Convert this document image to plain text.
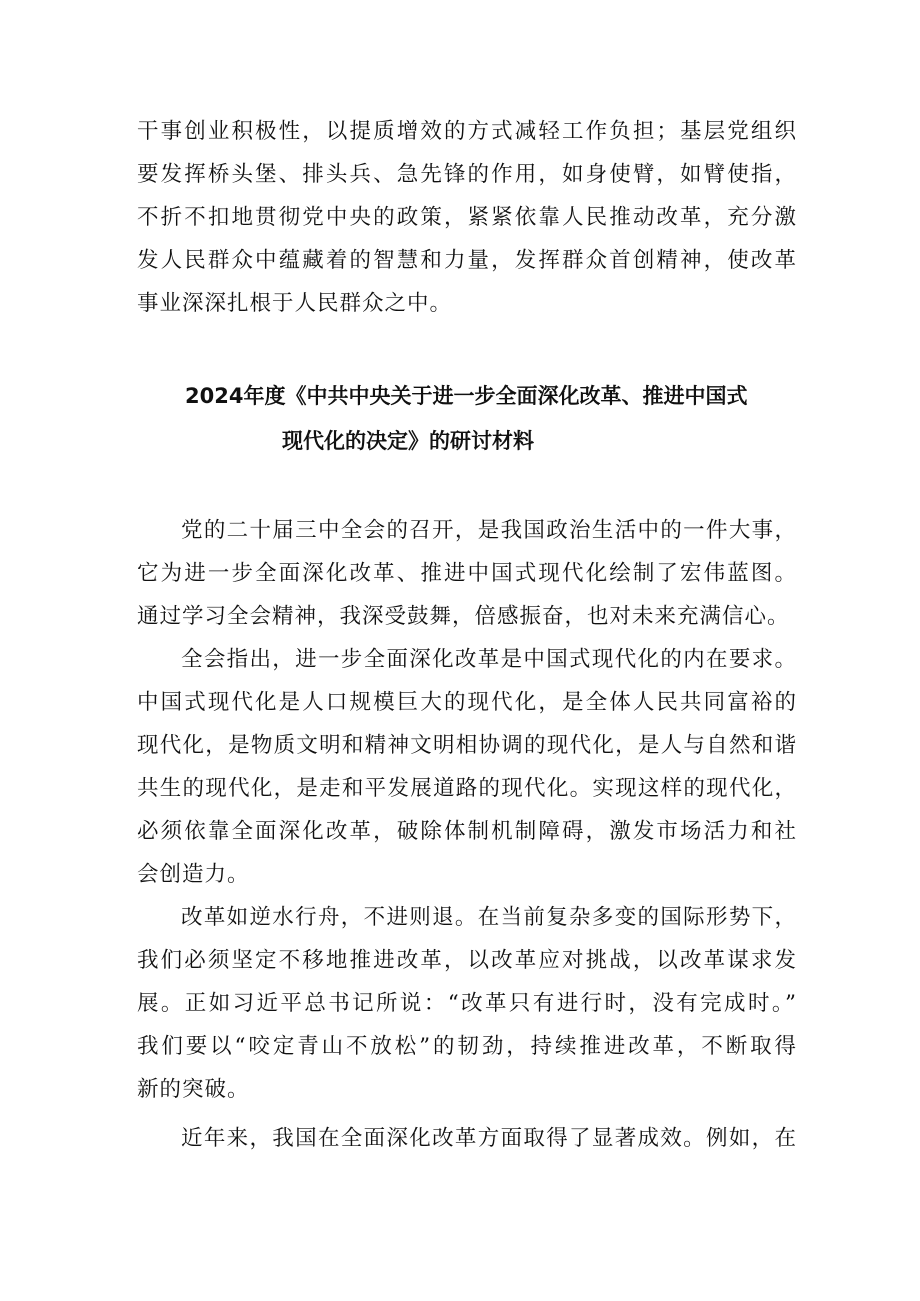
干事创业积极性，以提质增效的方式减轻工作负担；基层党组织
要发挥桥头堡、排头兵、急先锋的作用，如身使臂，如臂使指，
不折不扣地贯彻党中央的政策，紧紧依靠人民推动改革，充分激
发人民群众中蕴藏着的智慧和力量，发挥群众首创精神，使改革
事业深深扎根于人民群众之中。
2024年度《中共中央关于进一步全面深化改革、推进中国式
现代化的决定》的研讨材料
党的二十届三中全会的召开，是我国政治生活中的一件大事，
它为进一步全面深化改革、推进中国式现代化绘制了宏伟蓝图。
通过学习全会精神，我深受鼓舞，倍感振奋，也对未来充满信心。
全会指出，进一步全面深化改革是中国式现代化的内在要求。
中国式现代化是人口规模巨大的现代化，是全体人民共同富裕的
现代化，是物质文明和精神文明相协调的现代化，是人与自然和谐
共生的现代化，是走和平发展道路的现代化。实现这样的现代化，
必须依靠全面深化改革，破除体制机制障碍，激发市场活力和社
会创造力。
改革如逆水行舟，不进则退。在当前复杂多变的国际形势下，
我们必须坚定不移地推进改革，以改革应对挑战，以改革谋求发
展。正如习近平总书记所说：“改革只有进行时，没有完成时。”
我们要以“咬定青山不放松”的韧劲，持续推进改革，不断取得
新的突破。
近年来，我国在全面深化改革方面取得了显著成效。例如，在
